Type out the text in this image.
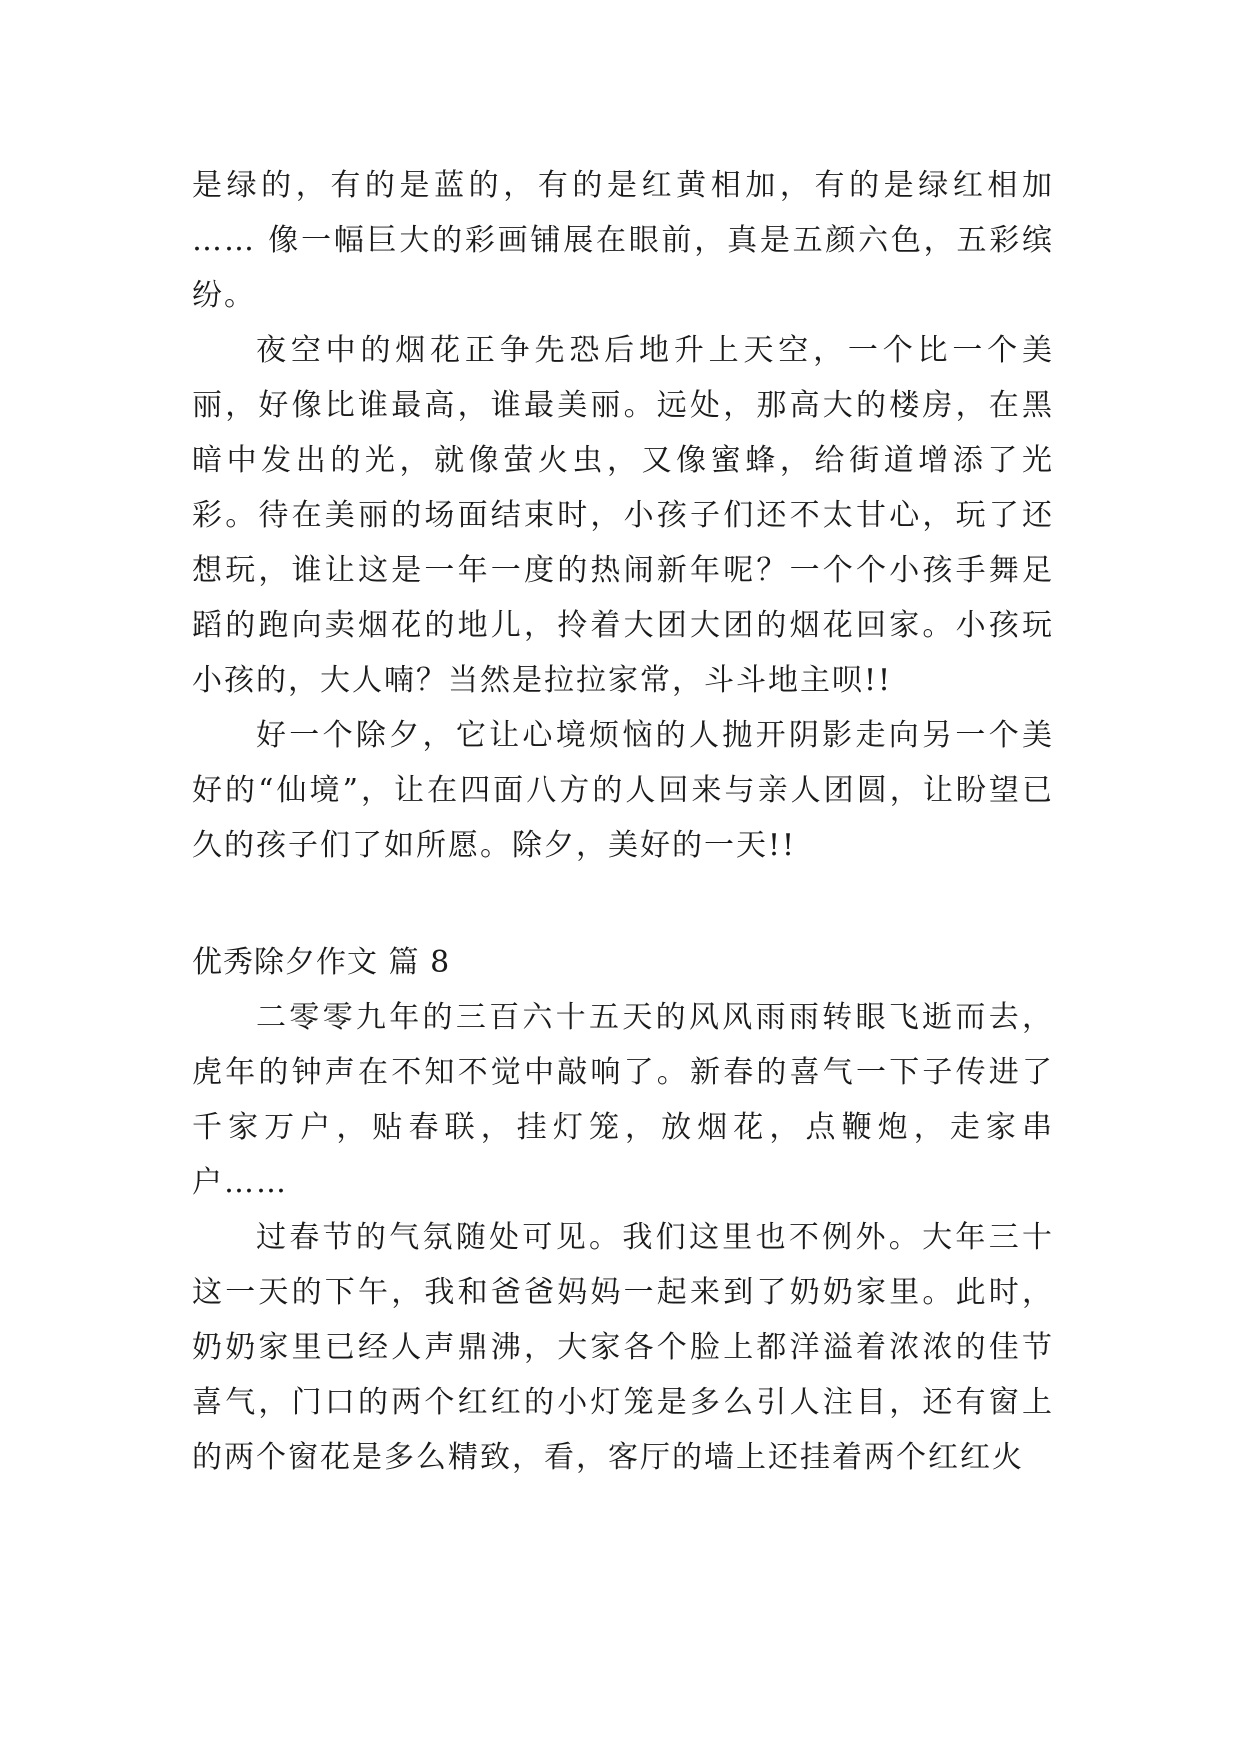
是绿的，有的是蓝的，有的是红黄相加，有的是绿红相加 …… 像一幅巨大的彩画铺展在眼前，真是五颜六色，五彩缤纷。

夜空中的烟花正争先恐后地升上天空，一个比一个美丽，好像比谁最高，谁最美丽。远处，那高大的楼房，在黑暗中发出的光，就像萤火虫，又像蜜蜂，给街道增添了光彩。待在美丽的场面结束时，小孩子们还不太甘心，玩了还想玩，谁让这是一年一度的热闹新年呢？一个个小孩手舞足蹈的跑向卖烟花的地儿，拎着大团大团的烟花回家。小孩玩小孩的，大人喃？当然是拉拉家常，斗斗地主呗!!

好一个除夕，它让心境烦恼的人抛开阴影走向另一个美好的“仙境”，让在四面八方的人回来与亲人团圆，让盼望已久的孩子们了如所愿。除夕，美好的一天!!

优秀除夕作文 篇 8

二零零九年的三百六十五天的风风雨雨转眼飞逝而去，虎年的钟声在不知不觉中敲响了。新春的喜气一下子传进了千家万户，贴春联，挂灯笼，放烟花，点鞭炮，走家串户……

过春节的气氛随处可见。我们这里也不例外。大年三十这一天的下午，我和爸爸妈妈一起来到了奶奶家里。此时，奶奶家里已经人声鼎沸，大家各个脸上都洋溢着浓浓的佳节喜气，门口的两个红红的小灯笼是多么引人注目，还有窗上的两个窗花是多么精致，看，客厅的墙上还挂着两个红红火
